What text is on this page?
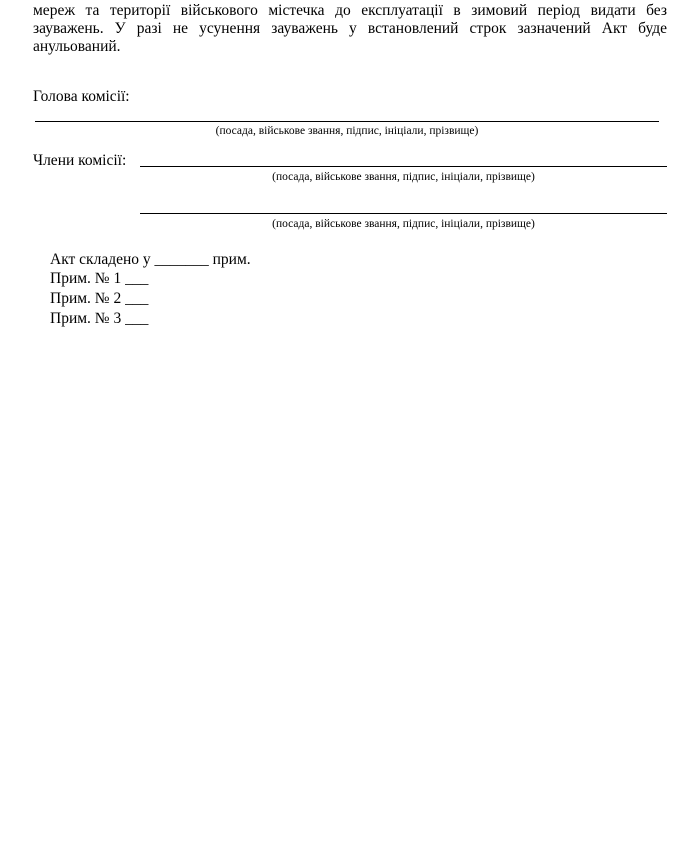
мереж та території військового містечка до експлуатації в зимовий період видати без
зауважень. У разі не усунення зауважень у встановлений строк зазначений Акт буде
анульований.
Голова комісії:
(посада, військове звання, підпис, ініціали, прізвище)
Члени комісії:
(посада, військове звання, підпис, ініціали, прізвище)
(посада, військове звання, підпис, ініціали, прізвище)
Акт складено у _______ прим.
Прим. № 1 ___
Прим. № 2 ___
Прим. № 3 ___
